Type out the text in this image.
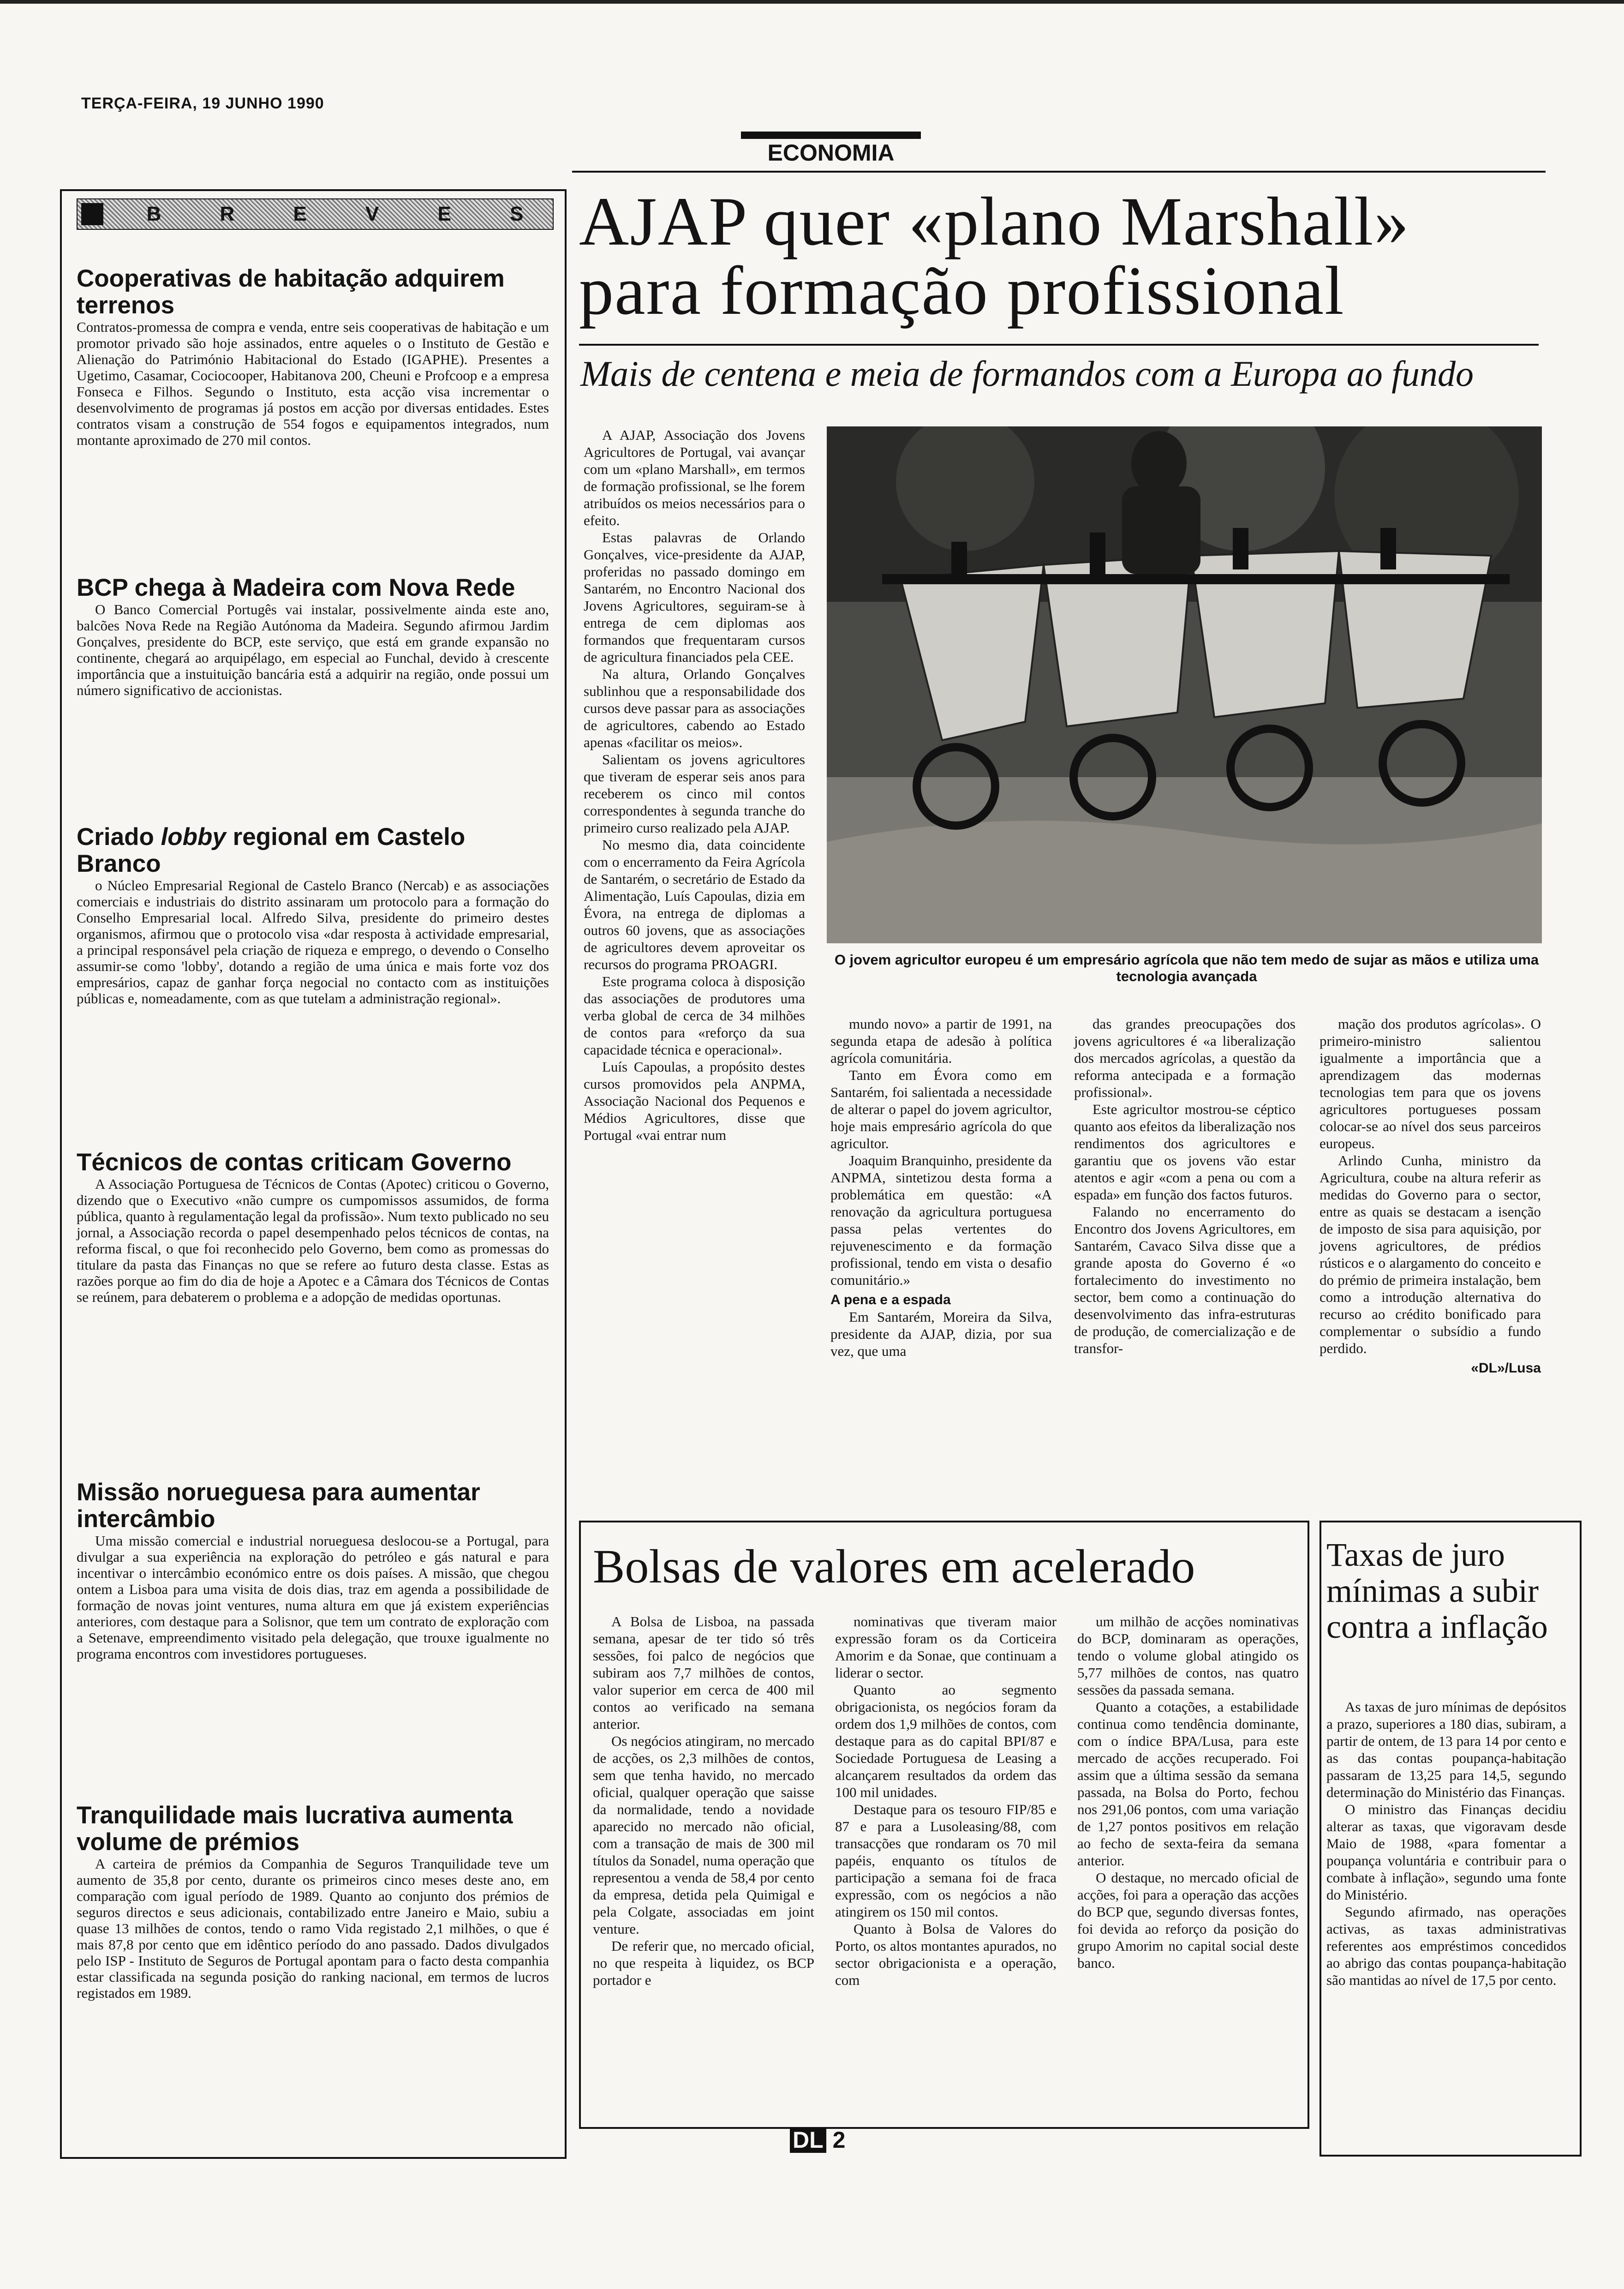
TERÇA-FEIRA, 19 JUNHO 1990
B	R	E	V	E	S
Cooperativas de habitação adquirem terrenos

Contratos-promessa de compra e venda, entre seis cooperativas de habitação e um promotor privado são hoje assinados, entre aqueles o o Instituto de Gestão e Alienação do Património Habitacional do Estado (IGAPHE). Presentes a Ugetimo, Casamar, Cociocooper, Habitanova 200, Cheuni e Profcoop e a empresa Fonseca e Filhos. Segundo o Instituto, esta acção visa incrementar o desenvolvimento de programas já postos em acção por diversas entidades. Estes contratos visam a construção de 554 fogos e equipamentos integrados, num montante aproximado de 270 mil contos.

BCP chega à Madeira com Nova Rede

O Banco Comercial Portugês vai instalar, possivelmente ainda este ano, balcões Nova Rede na Região Autónoma da Madeira. Segundo afirmou Jardim Gonçalves, presidente do BCP, este serviço, que está em grande expansão no continente, chegará ao arquipélago, em especial ao Funchal, devido à crescente importância que a instuituição bancária está a adquirir na região, onde possui um número significativo de accionistas.

Criado lobby regional em Castelo Branco

o Núcleo Empresarial Regional de Castelo Branco (Nercab) e as associações comerciais e industriais do distrito assinaram um protocolo para a formação do Conselho Empresarial local. Alfredo Silva, presidente do primeiro destes organismos, afirmou que o protocolo visa «dar resposta à actividade empresarial, a principal responsável pela criação de riqueza e emprego, o devendo o Conselho assumir-se como 'lobby', dotando a região de uma única e mais forte voz dos empresários, capaz de ganhar força negocial no contacto com as instituições públicas e, nomeadamente, com as que tutelam a administração regional».

Técnicos de contas criticam Governo

A Associação Portuguesa de Técnicos de Contas (Apotec) criticou o Governo, dizendo que o Executivo «não cumpre os cumpomissos assumidos, de forma pública, quanto à regulamentação legal da profissão». Num texto publicado no seu jornal, a Associação recorda o papel desempenhado pelos técnicos de contas, na reforma fiscal, o que foi reconhecido pelo Governo, bem como as promessas do titulare da pasta das Finanças no que se refere ao futuro desta classe. Estas as razões porque ao fim do dia de hoje a Apotec e a Câmara dos Técnicos de Contas se reúnem, para debaterem o problema e a adopção de medidas oportunas.

Missão norueguesa para aumentar intercâmbio

Uma missão comercial e industrial norueguesa deslocou-se a Portugal, para divulgar a sua experiência na exploração do petróleo e gás natural e para incentivar o intercâmbio económico entre os dois países. A missão, que chegou ontem a Lisboa para uma visita de dois dias, traz em agenda a possibilidade de formação de novas joint ventures, numa altura em que já existem experiências anteriores, com destaque para a Solisnor, que tem um contrato de exploração com a Setenave, empreendimento visitado pela delegação, que trouxe igualmente no programa encontros com investidores portugueses.

Tranquilidade mais lucrativa aumenta volume de prémios

A carteira de prémios da Companhia de Seguros Tranquilidade teve um aumento de 35,8 por cento, durante os primeiros cinco meses deste ano, em comparação com igual período de 1989. Quanto ao conjunto dos prémios de seguros directos e seus adicionais, contabilizado entre Janeiro e Maio, subiu a quase 13 milhões de contos, tendo o ramo Vida registado 2,1 milhões, o que é mais 87,8 por cento que em idêntico período do ano passado. Dados divulgados pelo ISP - Instituto de Seguros de Portugal apontam para o facto desta companhia estar classificada na segunda posição do ranking nacional, em termos de lucros registados em 1989.

ECONOMIA
AJAP quer «plano Marshall»
para formação profissional
Mais de centena e meia de formandos com a Europa ao fundo
O jovem agricultor europeu é um empresário agrícola que não tem medo de sujar as mãos e utiliza uma tecnologia avançada

A AJAP, Associação dos Jovens Agricultores de Portugal, vai avançar com um «plano Marshall», em termos de formação profissional, se lhe forem atribuídos os meios necessários para o efeito.

Estas palavras de Orlando Gonçalves, vice-presidente da AJAP, proferidas no passado domingo em Santarém, no Encontro Nacional dos Jovens Agricultores, seguiram-se à entrega de cem diplomas aos formandos que frequentaram cursos de agricultura financiados pela CEE.

Na altura, Orlando Gonçalves sublinhou que a responsabilidade dos cursos deve passar para as associações de agricultores, cabendo ao Estado apenas «facilitar os meios».

Salientam os jovens agricultores que tiveram de esperar seis anos para receberem os cinco mil contos correspondentes à segunda tranche do primeiro curso realizado pela AJAP.

No mesmo dia, data coincidente com o encerramento da Feira Agrícola de Santarém, o secretário de Estado da Alimentação, Luís Capoulas, dizia em Évora, na entrega de diplomas a outros 60 jovens, que as associações de agricultores devem aproveitar os recursos do programa PROAGRI.

Este programa coloca à disposição das associações de produtores uma verba global de cerca de 34 milhões de contos para «reforço da sua capacidade técnica e operacional».

Luís Capoulas, a propósito destes cursos promovidos pela ANPMA, Associação Nacional dos Pequenos e Médios Agricultores, disse que Portugal «vai entrar num

mundo novo» a partir de 1991, na segunda etapa de adesão à política agrícola comunitária.

Tanto em Évora como em Santarém, foi salientada a necessidade de alterar o papel do jovem agricultor, hoje mais empresário agrícola do que agricultor.

Joaquim Branquinho, presidente da ANPMA, sintetizou desta forma a problemática em questão: «A renovação da agricultura portuguesa passa pelas vertentes do rejuvenescimento e da formação profissional, tendo em vista o desafio comunitário.»

A pena e a espada

Em Santarém, Moreira da Silva, presidente da AJAP, dizia, por sua vez, que uma

das grandes preocupações dos jovens agricultores é «a liberalização dos mercados agrícolas, a questão da reforma antecipada e a formação profissional».

Este agricultor mostrou-se céptico quanto aos efeitos da liberalização nos rendimentos dos agricultores e garantiu que os jovens vão estar atentos e agir «com a pena ou com a espada» em função dos factos futuros.

Falando no encerramento do Encontro dos Jovens Agricultores, em Santarém, Cavaco Silva disse que a grande aposta do Governo é «o fortalecimento do investimento no sector, bem como a continuação do desenvolvimento das infra-estruturas de produção, de comercialização e de transfor-

mação dos produtos agrícolas». O primeiro-ministro salientou igualmente a importância que a aprendizagem das modernas tecnologias tem para que os jovens agricultores portugueses possam colocar-se ao nível dos seus parceiros europeus.

Arlindo Cunha, ministro da Agricultura, coube na altura referir as medidas do Governo para o sector, entre as quais se destacam a isenção de imposto de sisa para aquisição, por jovens agricultores, de prédios rústicos e o alargamento do conceito e do prémio de primeira instalação, bem como a introdução alternativa do recurso ao crédito bonificado para complementar o subsídio a fundo perdido.

«DL»/Lusa

Bolsas de valores em acelerado

A Bolsa de Lisboa, na passada semana, apesar de ter tido só três sessões, foi palco de negócios que subiram aos 7,7 milhões de contos, valor superior em cerca de 400 mil contos ao verificado na semana anterior.

Os negócios atingiram, no mercado de acções, os 2,3 milhões de contos, sem que tenha havido, no mercado oficial, qualquer operação que saisse da normalidade, tendo a novidade aparecido no mercado não oficial, com a transação de mais de 300 mil títulos da Sonadel, numa operação que representou a venda de 58,4 por cento da empresa, detida pela Quimigal e pela Colgate, associadas em joint venture.

De referir que, no mercado oficial, no que respeita à liquidez, os BCP portador e

nominativas que tiveram maior expressão foram os da Corticeira Amorim e da Sonae, que continuam a liderar o sector.

Quanto ao segmento obrigacionista, os negócios foram da ordem dos 1,9 milhões de contos, com destaque para as do capital BPI/87 e Sociedade Portuguesa de Leasing a alcançarem resultados da ordem das 100 mil unidades.

Destaque para os tesouro FIP/85 e 87 e para a Lusoleasing/88, com transacções que rondaram os 70 mil papéis, enquanto os títulos de participação a semana foi de fraca expressão, com os negócios a não atingirem os 150 mil contos.

Quanto à Bolsa de Valores do Porto, os altos montantes apurados, no sector obrigacionista e a operação, com

um milhão de acções nominativas do BCP, dominaram as operações, tendo o volume global atingido os 5,77 milhões de contos, nas quatro sessões da passada semana.

Quanto a cotações, a estabilidade continua como tendência dominante, com o índice BPA/Lusa, para este mercado de acções recuperado. Foi assim que a última sessão da semana passada, na Bolsa do Porto, fechou nos 291,06 pontos, com uma variação de 1,27 pontos positivos em relação ao fecho de sexta-feira da semana anterior.

O destaque, no mercado oficial de acções, foi para a operação das acções do BCP que, segundo diversas fontes, foi devida ao reforço da posição do grupo Amorim no capital social deste banco.

Taxas de juro mínimas a subir contra a inflação

As taxas de juro mínimas de depósitos a prazo, superiores a 180 dias, subiram, a partir de ontem, de 13 para 14 por cento e as das contas poupança-habitação passaram de 13,25 para 14,5, segundo determinação do Ministério das Finanças.

O ministro das Finanças decidiu alterar as taxas, que vigoravam desde Maio de 1988, «para fomentar a poupança voluntária e contribuir para o combate à inflação», segundo uma fonte do Ministério.

Segundo afirmado, nas operações activas, as taxas administrativas referentes aos empréstimos concedidos ao abrigo das contas poupança-habitação são mantidas ao nível de 17,5 por cento.

DL 2
